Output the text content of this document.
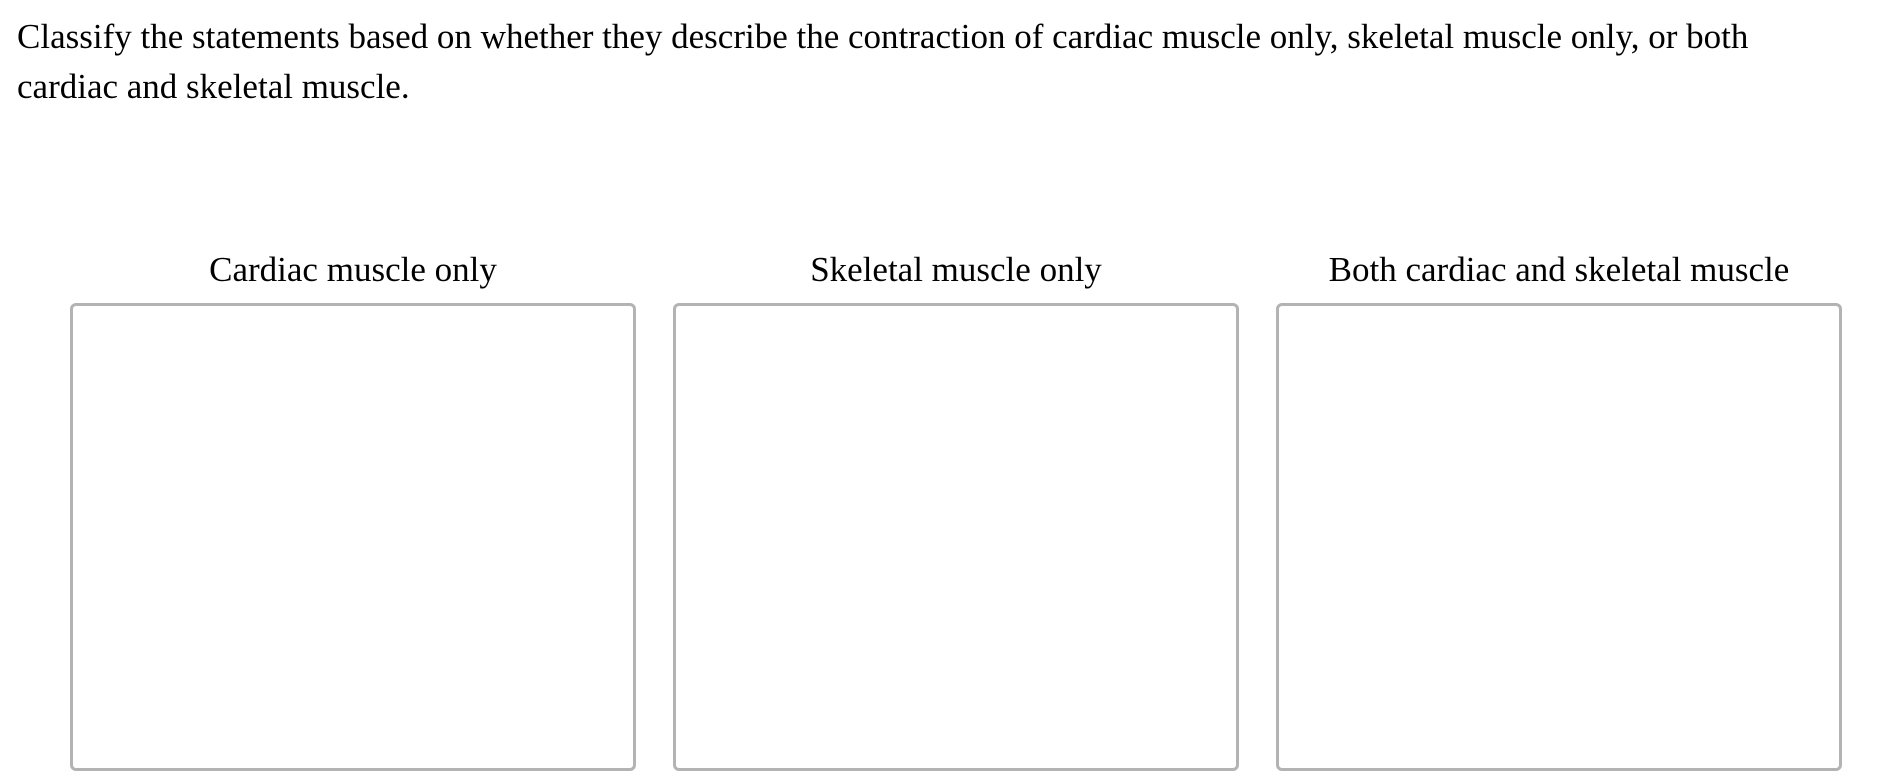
Classify the statements based on whether they describe the contraction of cardiac muscle only, skeletal muscle only, or both cardiac and skeletal muscle.

Cardiac muscle only	Skeletal muscle only	Both cardiac and skeletal muscle
